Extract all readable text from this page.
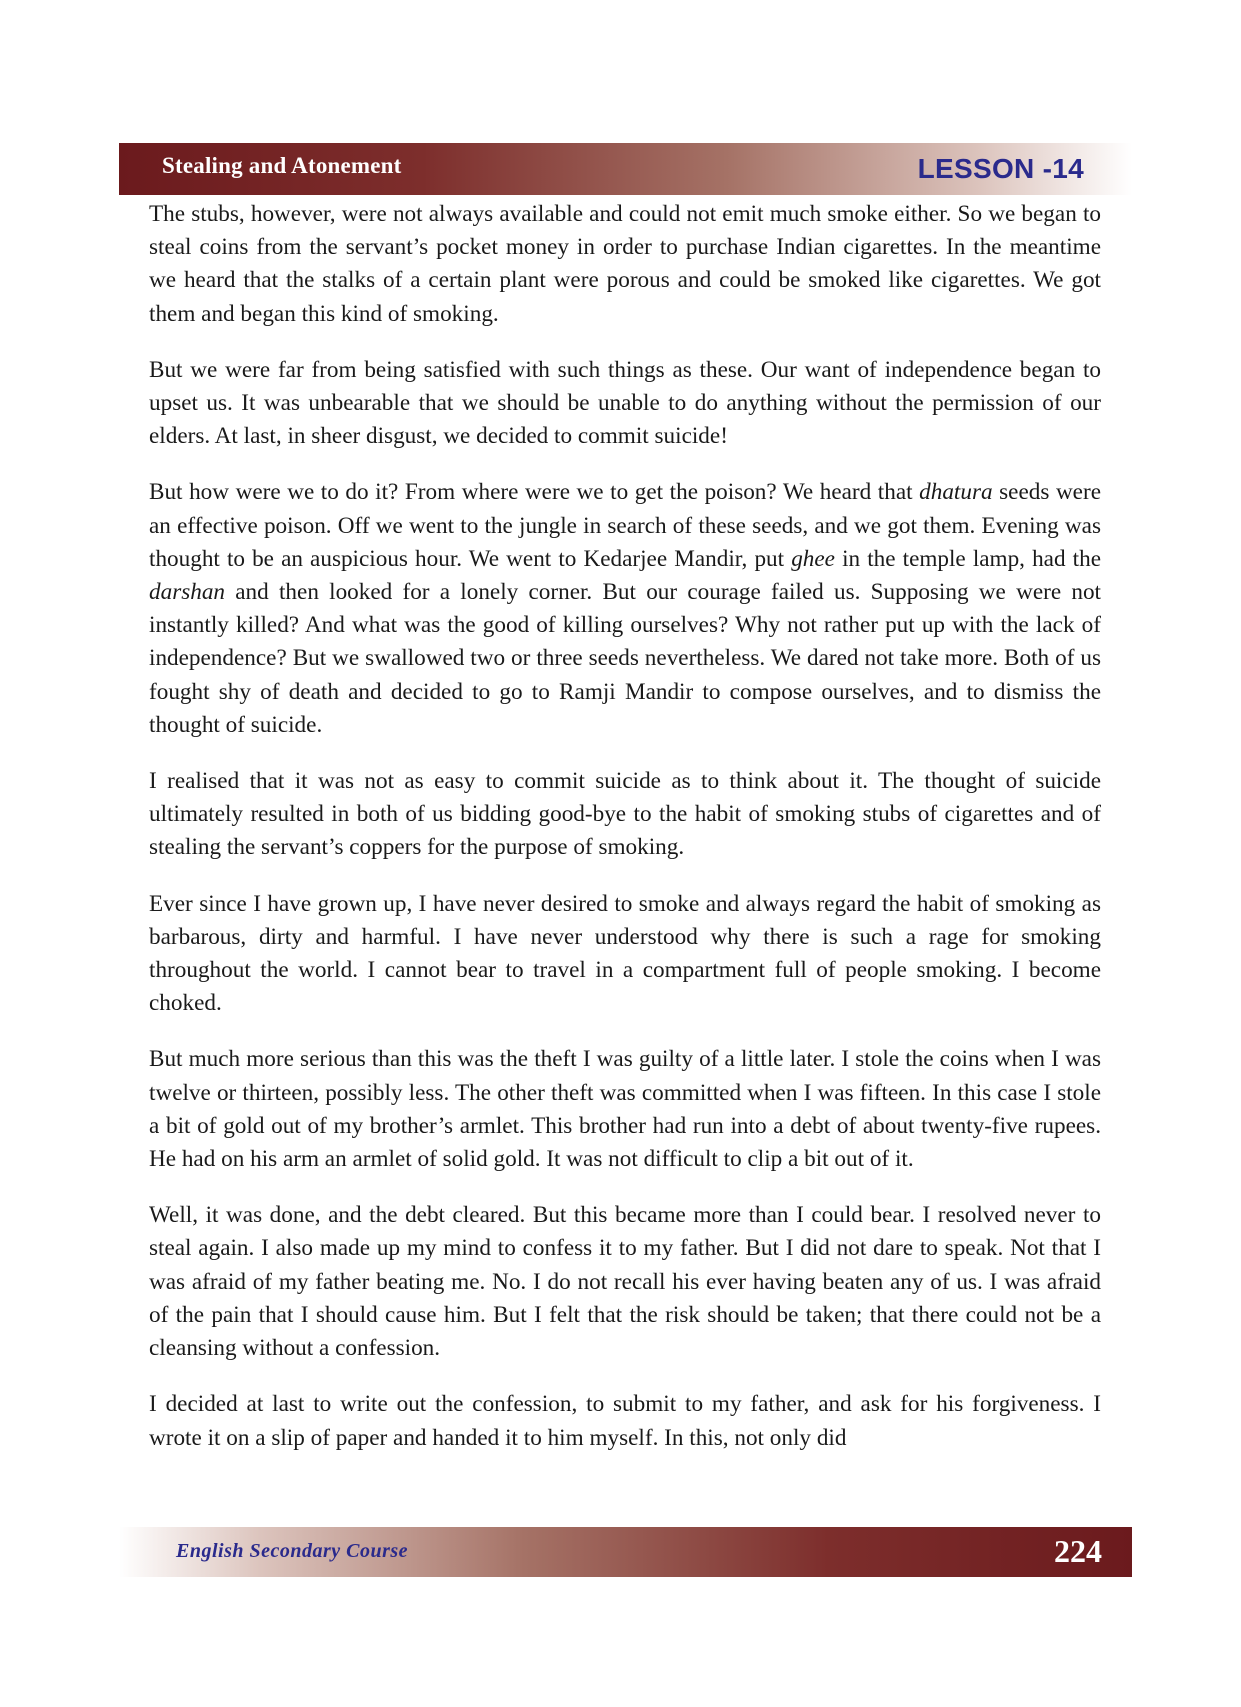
Stealing and Atonement	LESSON -14

The stubs, however, were not always available and could not emit much smoke either. So we began to steal coins from the servant’s pocket money in order to purchase Indian cigarettes. In the meantime we heard that the stalks of a certain plant were porous and could be smoked like cigarettes. We got them and began this kind of smoking.

But we were far from being satisfied with such things as these. Our want of independence began to upset us. It was unbearable that we should be unable to do anything without the permission of our elders. At last, in sheer disgust, we decided to commit suicide!

But how were we to do it? From where were we to get the poison? We heard that dhatura seeds were an effective poison. Off we went to the jungle in search of these seeds, and we got them. Evening was thought to be an auspicious hour. We went to Kedarjee Mandir, put ghee in the temple lamp, had the darshan and then looked for a lonely corner. But our courage failed us. Supposing we were not instantly killed? And what was the good of killing ourselves? Why not rather put up with the lack of independence? But we swallowed two or three seeds nevertheless. We dared not take more. Both of us fought shy of death and decided to go to Ramji Mandir to compose ourselves, and to dismiss the thought of suicide.

I realised that it was not as easy to commit suicide as to think about it. The thought of suicide ultimately resulted in both of us bidding good-bye to the habit of smoking stubs of cigarettes and of stealing the servant’s coppers for the purpose of smoking.

Ever since I have grown up, I have never desired to smoke and always regard the habit of smoking as barbarous, dirty and harmful. I have never understood why there is such a rage for smoking throughout the world. I cannot bear to travel in a compartment full of people smoking. I become choked.

But much more serious than this was the theft I was guilty of a little later. I stole the coins when I was twelve or thirteen, possibly less. The other theft was committed when I was fifteen. In this case I stole a bit of gold out of my brother’s armlet. This brother had run into a debt of about twenty-five rupees. He had on his arm an armlet of solid gold. It was not difficult to clip a bit out of it.

Well, it was done, and the debt cleared. But this became more than I could bear. I resolved never to steal again. I also made up my mind to confess it to my father. But I did not dare to speak. Not that I was afraid of my father beating me. No. I do not recall his ever having beaten any of us. I was afraid of the pain that I should cause him. But I felt that the risk should be taken; that there could not be a cleansing without a confession.

I decided at last to write out the confession, to submit to my father, and ask for his forgiveness. I wrote it on a slip of paper and handed it to him myself. In this, not only did

English Secondary Course	224
